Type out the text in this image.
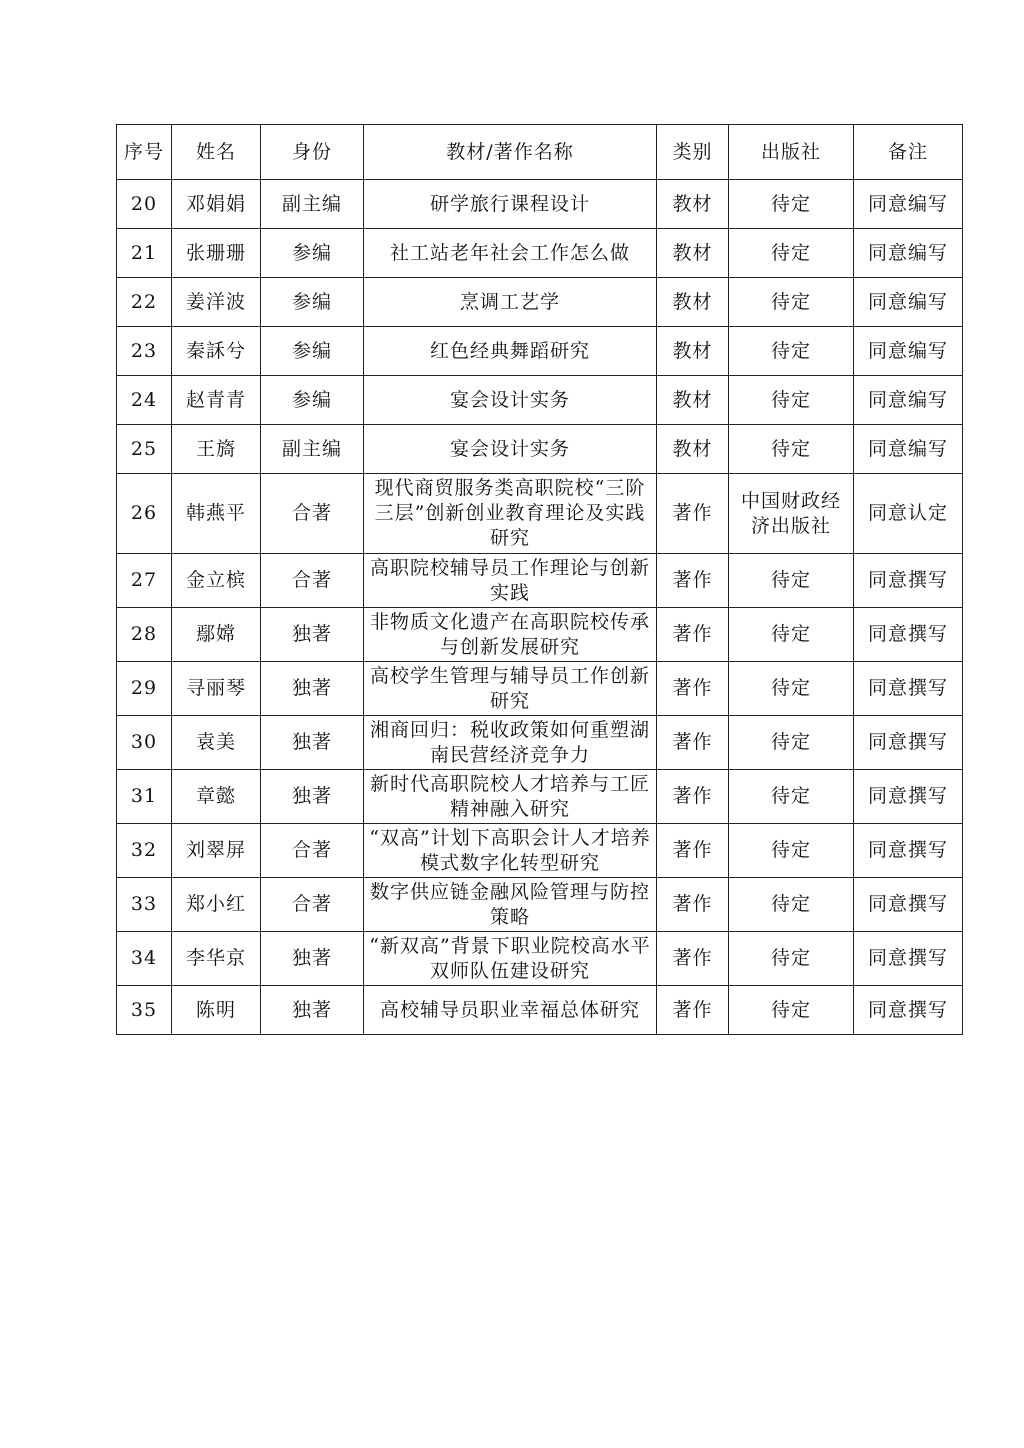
序号	姓名	身份	教材/著作名称	类别	出版社	备注
20	邓娟娟	副主编	研学旅行课程设计	教材	待定	同意编写
21	张珊珊	参编	社工站老年社会工作怎么做	教材	待定	同意编写
22	姜洋波	参编	烹调工艺学	教材	待定	同意编写
23	秦訸兮	参编	红色经典舞蹈研究	教材	待定	同意编写
24	赵青青	参编	宴会设计实务	教材	待定	同意编写
25	王旖	副主编	宴会设计实务	教材	待定	同意编写
26	韩燕平	合著	现代商贸服务类高职院校“三阶三层”创新创业教育理论及实践研究	著作	中国财政经济出版社	同意认定
27	金立槟	合著	高职院校辅导员工作理论与创新实践	著作	待定	同意撰写
28	鄢嫦	独著	非物质文化遗产在高职院校传承与创新发展研究	著作	待定	同意撰写
29	寻丽琴	独著	高校学生管理与辅导员工作创新研究	著作	待定	同意撰写
30	袁美	独著	湘商回归：税收政策如何重塑湖南民营经济竞争力	著作	待定	同意撰写
31	章懿	独著	新时代高职院校人才培养与工匠精神融入研究	著作	待定	同意撰写
32	刘翠屏	合著	“双高”计划下高职会计人才培养模式数字化转型研究	著作	待定	同意撰写
33	郑小红	合著	数字供应链金融风险管理与防控策略	著作	待定	同意撰写
34	李华京	独著	“新双高”背景下职业院校高水平双师队伍建设研究	著作	待定	同意撰写
35	陈明	独著	高校辅导员职业幸福总体研究	著作	待定	同意撰写
